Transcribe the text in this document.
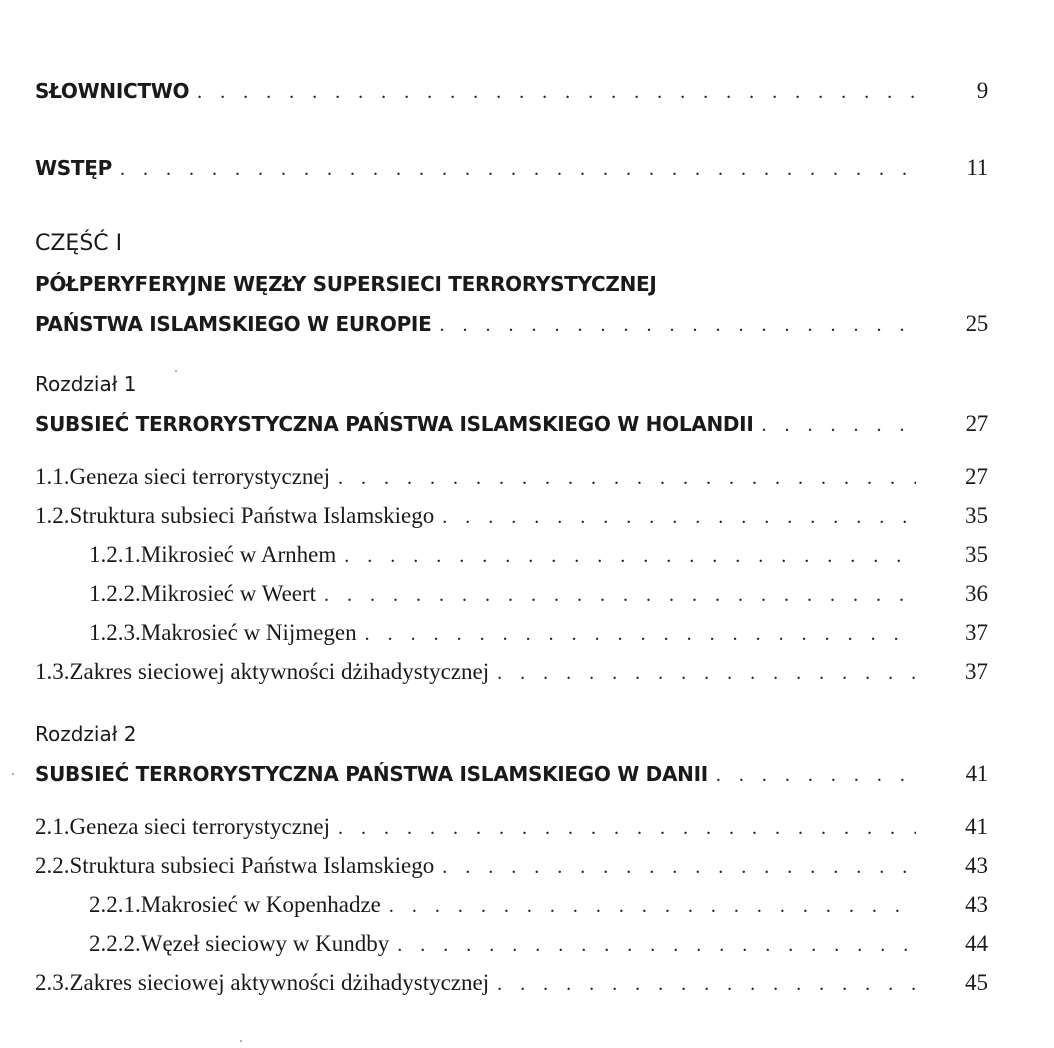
SŁOWNICTWO . . .	9
WSTĘP . . .	11
CZĘŚĆ I
PÓŁPERYFERYJNE WĘZŁY SUPERSIECI TERRORYSTYCZNEJ
PAŃSTWA ISLAMSKIEGO W EUROPIE . . .	25
Rozdział 1
SUBSIEĆ TERRORYSTYCZNA PAŃSTWA ISLAMSKIEGO W HOLANDII . . .	27
1.1. Geneza sieci terrorystycznej . . .	27
1.2. Struktura subsieci Państwa Islamskiego . . .	35
1.2.1. Mikrosieć w Arnhem . . .	35
1.2.2. Mikrosieć w Weert . . .	36
1.2.3. Makrosieć w Nijmegen . . .	37
1.3. Zakres sieciowej aktywności dżihadystycznej . . .	37
Rozdział 2
SUBSIEĆ TERRORYSTYCZNA PAŃSTWA ISLAMSKIEGO W DANII . . .	41
2.1. Geneza sieci terrorystycznej . . .	41
2.2. Struktura subsieci Państwa Islamskiego . . .	43
2.2.1. Makrosieć w Kopenhadze . . .	43
2.2.2. Węzeł sieciowy w Kundby . . .	44
2.3. Zakres sieciowej aktywności dżihadystycznej . . .	45
